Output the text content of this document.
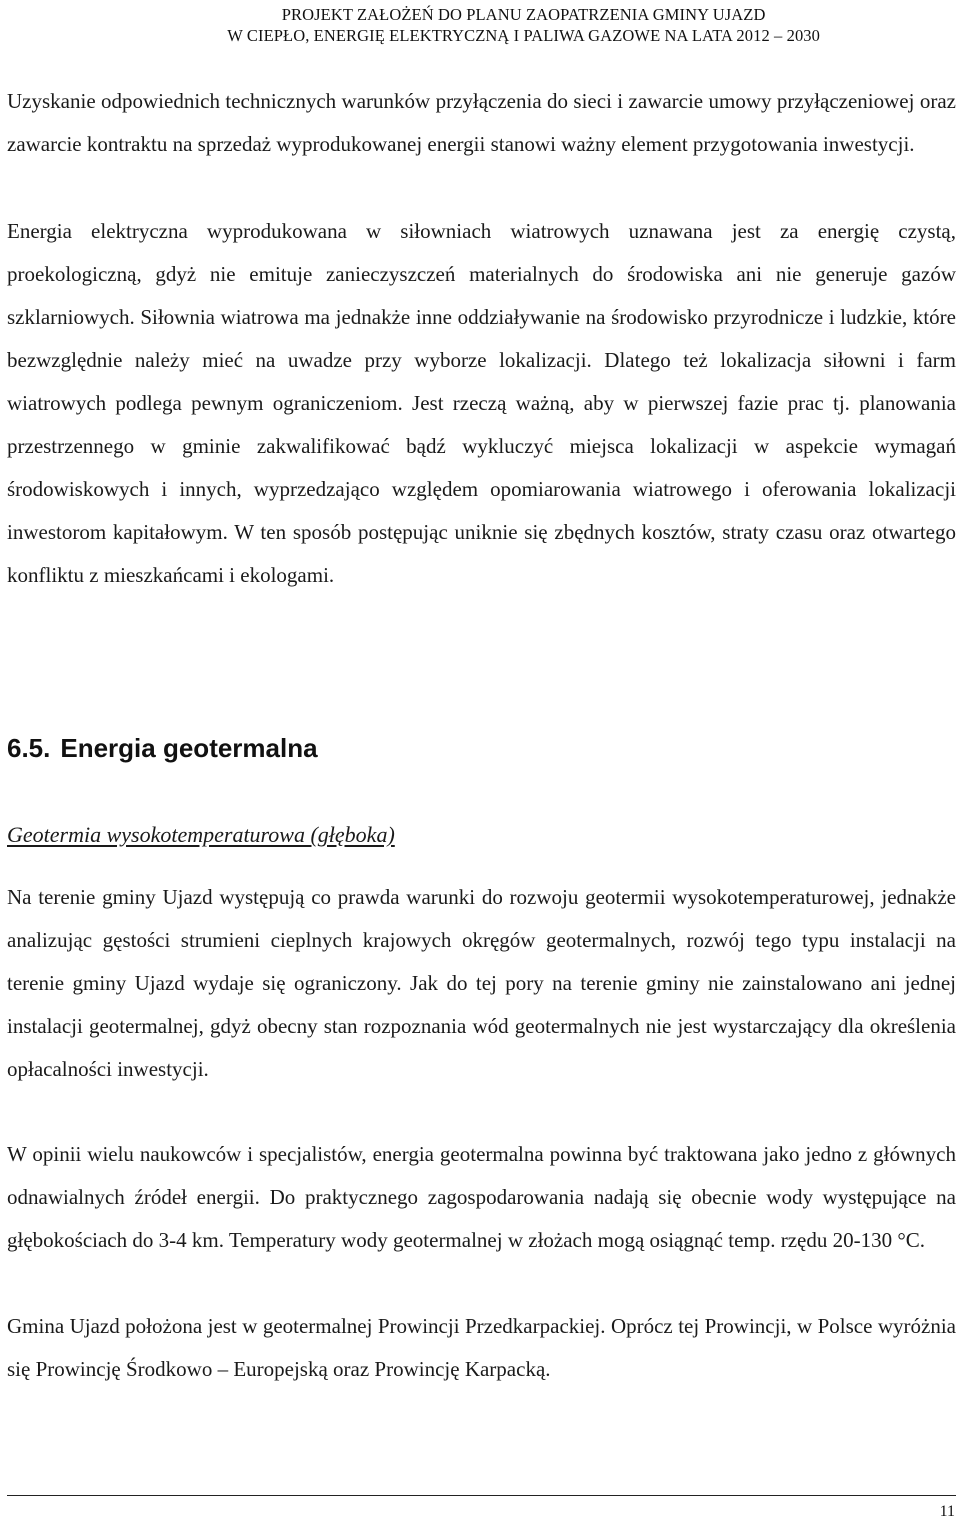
PROJEKT ZAŁOŻEŃ DO PLANU ZAOPATRZENIA GMINY UJAZD
W CIEPŁO, ENERGIĘ ELEKTRYCZNĄ I PALIWA GAZOWE NA LATA 2012 – 2030

Uzyskanie odpowiednich technicznych warunków przyłączenia do sieci i zawarcie umowy przyłączeniowej oraz zawarcie kontraktu na sprzedaż wyprodukowanej energii stanowi ważny element przygotowania inwestycji.

Energia elektryczna wyprodukowana w siłowniach wiatrowych uznawana jest za energię czystą, proekologiczną, gdyż nie emituje zanieczyszczeń materialnych do środowiska ani nie generuje gazów szklarniowych. Siłownia wiatrowa ma jednakże inne oddziaływanie na środowisko przyrodnicze i ludzkie, które bezwzględnie należy mieć na uwadze przy wyborze lokalizacji. Dlatego też lokalizacja siłowni i farm wiatrowych podlega pewnym ograniczeniom. Jest rzeczą ważną, aby w pierwszej fazie prac tj. planowania przestrzennego w gminie zakwalifikować bądź wykluczyć miejsca lokalizacji w aspekcie wymagań środowiskowych i innych, wyprzedzająco względem opomiarowania wiatrowego i oferowania lokalizacji inwestorom kapitałowym. W ten sposób postępując uniknie się zbędnych kosztów, straty czasu oraz otwartego konfliktu z mieszkańcami i ekologami.

6.5. Energia geotermalna
Geotermia wysokotemperaturowa (głęboka)

Na terenie gminy Ujazd występują co prawda warunki do rozwoju geotermii wysokotemperaturowej, jednakże analizując gęstości strumieni cieplnych krajowych okręgów geotermalnych, rozwój tego typu instalacji na terenie gminy Ujazd wydaje się ograniczony. Jak do tej pory na terenie gminy nie zainstalowano ani jednej instalacji geotermalnej, gdyż obecny stan rozpoznania wód geotermalnych nie jest wystarczający dla określenia opłacalności inwestycji.

W opinii wielu naukowców i specjalistów, energia geotermalna powinna być traktowana jako jedno z głównych odnawialnych źródeł energii. Do praktycznego zagospodarowania nadają się obecnie wody występujące na głębokościach do 3-4 km. Temperatury wody geotermalnej w złożach mogą osiągnąć temp. rzędu 20-130 °C.

Gmina Ujazd położona jest w geotermalnej Prowincji Przedkarpackiej. Oprócz tej Prowincji, w Polsce wyróżnia się Prowincję Środkowo – Europejską oraz Prowincję Karpacką.

11
